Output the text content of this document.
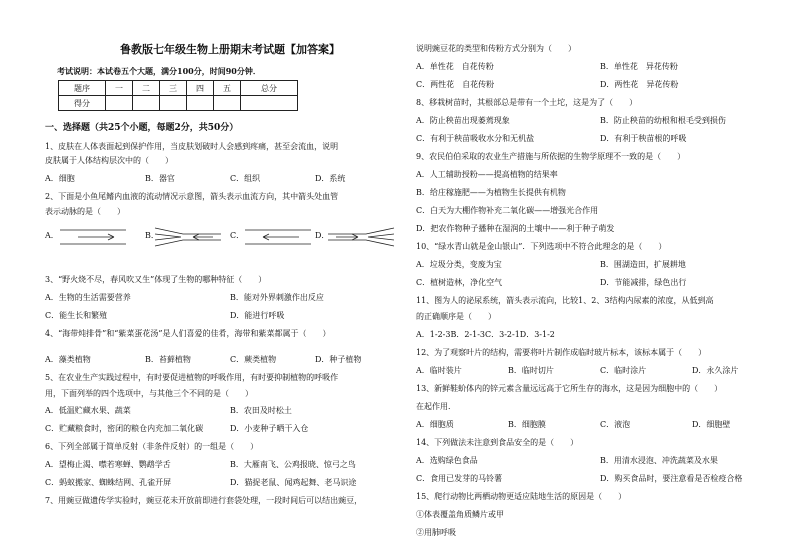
鲁教版七年级生物上册期末考试题【加答案】
考试说明：本试卷五个大题，满分100分，时间90分钟．
题序	一	二	三	四	五	总分
得分						
一、选择题（共25个小题，每题2分，共50分）
1、皮肤在人体表面起到保护作用，当皮肤划破时人会感到疼痛，甚至会流血，说明
皮肤属于人体结构层次中的（　　）
A．细胞	B．器官	C．组织	D．系统
2、下面是小鱼尾鳍内血液的流动情况示意图，箭头表示血流方向，其中箭头处血管
表示动脉的是（　　）
A．	B．	C．	D．
3、“野火烧不尽，春风吹又生”体现了生物的哪种特征（　　）
A．生物的生活需要营养	B．能对外界刺激作出反应
C．能生长和繁殖	D．能进行呼吸
4、“海带炖排骨”和“紫菜蛋花汤”是人们喜爱的佳肴，海带和紫菜都属于（　　）
A．藻类植物	B．苔藓植物	C．蕨类植物	D．种子植物
5、在农业生产实践过程中，有时要促进植物的呼吸作用，有时要抑制植物的呼吸作
用，下面列举的四个选项中，与其他三个不同的是（　　）
A．低温贮藏水果、蔬菜	B．农田及时松土
C．贮藏粮食时，密闭的粮仓内充加二氧化碳	D．小麦种子晒干入仓
6、下列全部属于简单反射（非条件反射）的一组是（　　）
A．望梅止渴、噤若寒蝉、鹦鹉学舌	B．大雁南飞、公鸡报晓、惊弓之鸟
C．蚂蚁搬家、蜘蛛结网、孔雀开屏	D．猫捉老鼠、闻鸡起舞、老马识途
7、用豌豆做遗传学实验时，豌豆花未开放前即进行套袋处理，一段时间后可以结出豌豆，
说明豌豆花的类型和传粉方式分别为（　　）
A．单性花　自花传粉	B．单性花　异花传粉
C．两性花　自花传粉	D．两性花　异花传粉
8、移栽树苗时，其根部总是带有一个土坨，这是为了（　　）
A．防止秧苗出现萎蔫现象	B．防止秧苗的幼根和根毛受到损伤
C．有利于秧苗吸收水分和无机盐	D．有利于秧苗根的呼吸
9、农民伯伯采取的农业生产措施与所依据的生物学原理不一致的是（　　）
A．人工辅助授粉——提高植物的结果率
B．给庄稼施肥——为植物生长提供有机物
C．白天为大棚作物补充二氧化碳——增强光合作用
D．把农作物种子播种在湿润的土壤中——利于种子萌发
10、“绿水青山就是金山银山”．下列选项中不符合此理念的是（　　）
A．垃圾分类，变废为宝	B．围湖造田，扩展耕地
C．植树造林，净化空气	D．节能减排，绿色出行
11、图为人的泌尿系统，箭头表示流向，比较1、2、3结构内尿素的浓度，从低到高
的正确顺序是（　　）
A．1-2-3B．2-1-3C．3-2-1D．3-1-2
12、为了观察叶片的结构，需要将叶片制作成临时玻片标本，该标本属于（　　）
A．临时装片	B．临时切片	C．临时涂片	D．永久涂片
13、新鲜鞋蚧体内的锌元素含量远远高于它所生存的海水，这是因为细胞中的（　　）
在起作用．
A．细胞质	B．细胞膜	C．液泡	D．细胞壁
14、下列做法未注意到食品安全的是（　　）
A．选购绿色食品	B．用清水浸泡、冲洗蔬菜及水果
C．食用已发芽的马铃薯	D．购买食品时，要注意看是否检疫合格
15、爬行动物比两栖动物更适应陆地生活的原因是（　　）
①体表覆盖角质鳞片或甲
②用肺呼吸
